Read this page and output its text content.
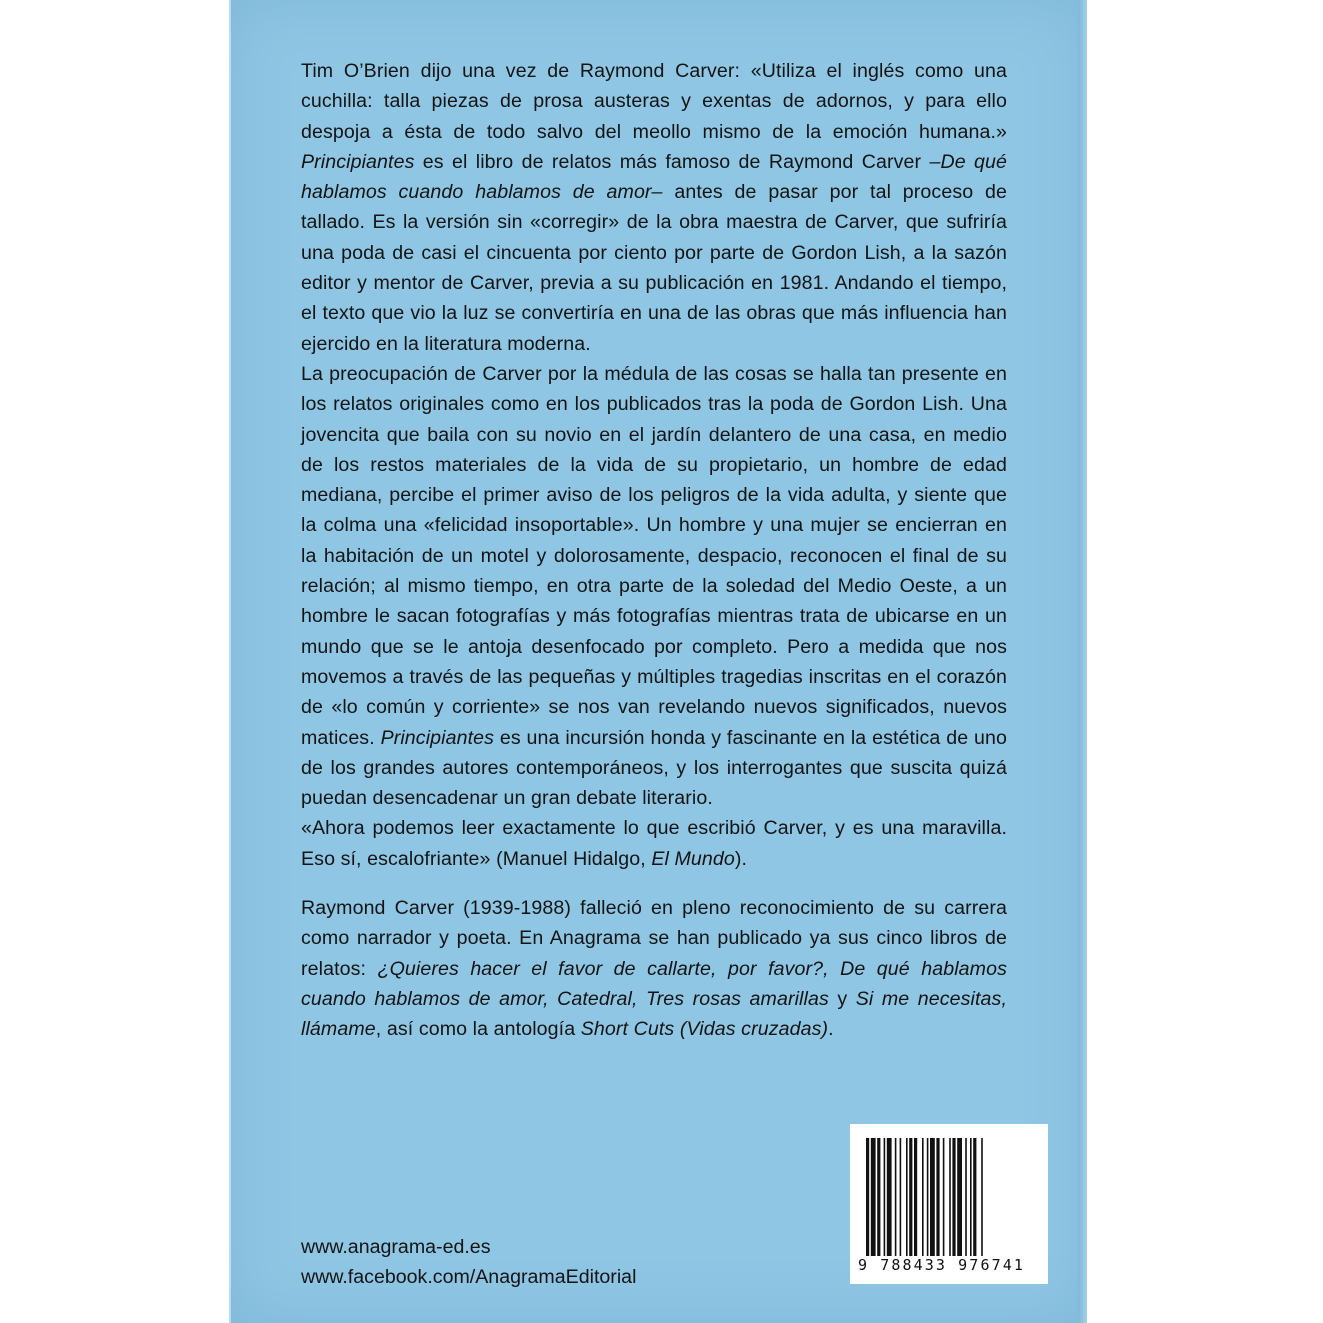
Tim O’Brien dijo una vez de Raymond Carver: «Utiliza el inglés como una cuchilla: talla piezas de prosa austeras y exentas de adornos, y para ello despoja a ésta de todo salvo del meollo mismo de la emoción humana.» Principiantes es el libro de relatos más famoso de Raymond Carver –De qué hablamos cuando hablamos de amor– antes de pasar por tal proceso de tallado. Es la versión sin «corregir» de la obra maestra de Carver, que sufriría una poda de casi el cincuenta por ciento por parte de Gordon Lish, a la sazón editor y mentor de Carver, previa a su publicación en 1981. Andando el tiempo, el texto que vio la luz se convertiría en una de las obras que más influencia han ejercido en la literatura moderna.

La preocupación de Carver por la médula de las cosas se halla tan presente en los relatos originales como en los publicados tras la poda de Gordon Lish. Una jovencita que baila con su novio en el jardín delantero de una casa, en medio de los restos materiales de la vida de su propietario, un hombre de edad mediana, percibe el primer aviso de los peligros de la vida adulta, y siente que la colma una «felicidad insoportable». Un hombre y una mujer se encierran en la habitación de un motel y dolorosamente, despacio, reconocen el final de su relación; al mismo tiempo, en otra parte de la soledad del Medio Oeste, a un hombre le sacan fotografías y más fotografías mientras trata de ubicarse en un mundo que se le antoja desenfocado por completo. Pero a medida que nos movemos a través de las pequeñas y múltiples tragedias inscritas en el corazón de «lo común y corriente» se nos van revelando nuevos significados, nuevos matices. Principiantes es una incursión honda y fascinante en la estética de uno de los grandes autores contemporáneos, y los interrogantes que suscita quizá puedan desencadenar un gran debate literario.

«Ahora podemos leer exactamente lo que escribió Carver, y es una maravilla. Eso sí, escalofriante» (Manuel Hidalgo, El Mundo).

Raymond Carver (1939-1988) falleció en pleno reconocimiento de su carrera como narrador y poeta. En Anagrama se han publicado ya sus cinco libros de relatos: ¿Quieres hacer el favor de callarte, por favor?, De qué hablamos cuando hablamos de amor, Catedral, Tres rosas amarillas y Si me necesitas, llámame, así como la antología Short Cuts (Vidas cruzadas).

www.anagrama-ed.es
www.facebook.com/AnagramaEditorial
9 788433 976741
